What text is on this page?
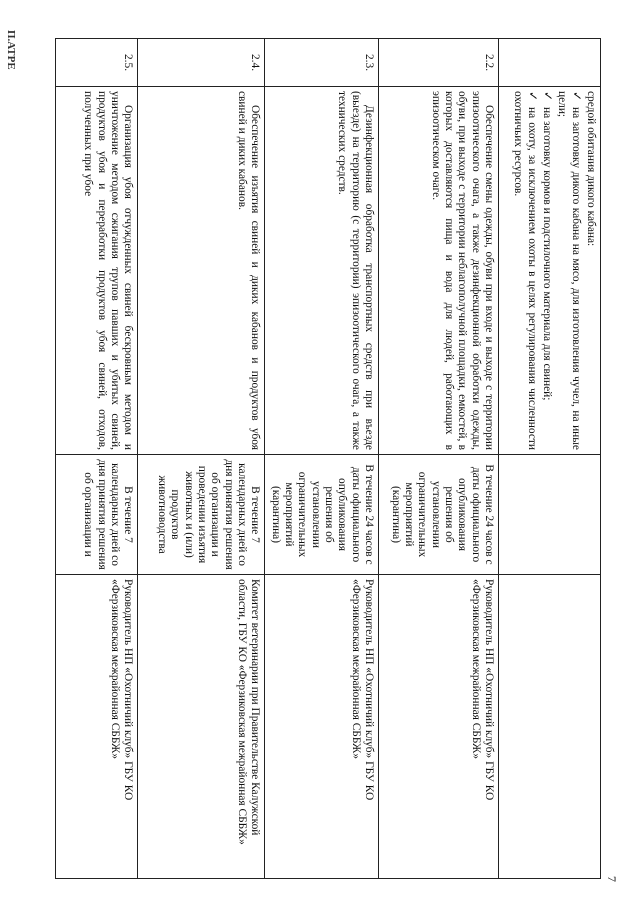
7

	средой обитания дикого кабана:

✓на заготовку дикого кабана на мясо, для изготовления чучел, на иные цели;

✓на заготовку кормов и подстилочного материала для свиней;

✓на охоту, за исключением охоты в целях регулирования численности охотничьих ресурсов.		

2.2.	Обеспечение смены одежды, обуви при входе и выходе с территории эпизоотического очага, а также дезинфекционной обработки одежды, обуви, при выходе с территории неблагополучной площадки, емкостей, в которых доставляются пища и вода для людей, работающих в эпизоотическом очаге.	В течение 24 часов с даты официального опубликования решения об установлении ограничительных мероприятий (карантина)	Руководитель НП «Охотничий клуб» ГБУ КО «Ферзиковская межрайонная СББЖ»
2.3.	Дезинфекционная обработка транспортных средств при въезде (выезде) на территорию (с территории) эпизоотического очага, а также технических средств.	В течение 24 часов с даты официального опубликования решения об установлении ограничительных мероприятий (карантина)	Руководитель НП «Охотничий клуб» ГБУ КО «Ферзиковская межрайонная СББЖ»
2.4.	Обеспечение изъятия свиней и диких кабанов и продуктов убоя свиней и диких кабанов.	В течение 7 календарных дней со дня принятия решения об организации и проведении изъятия животных и (или) продуктов животноводства	Комитет ветеринарии при Правительстве Калужской области, ГБУ КО «Ферзиковская межрайонная СББЖ»
2.5.	Организация убоя отчужденных свиней бескровным методом и уничтожение методом сжигания трупов павших и убитых свиней, продуктов убоя и переработки продуктов убоя свиней, отходов, полученных при убое	В течение 7 календарных дней со дня принятия решения об организации и	Руководитель НП «Охотничий клуб» ГБУ КО «Ферзиковская межрайонная СББЖ»
П.АТРЕ
